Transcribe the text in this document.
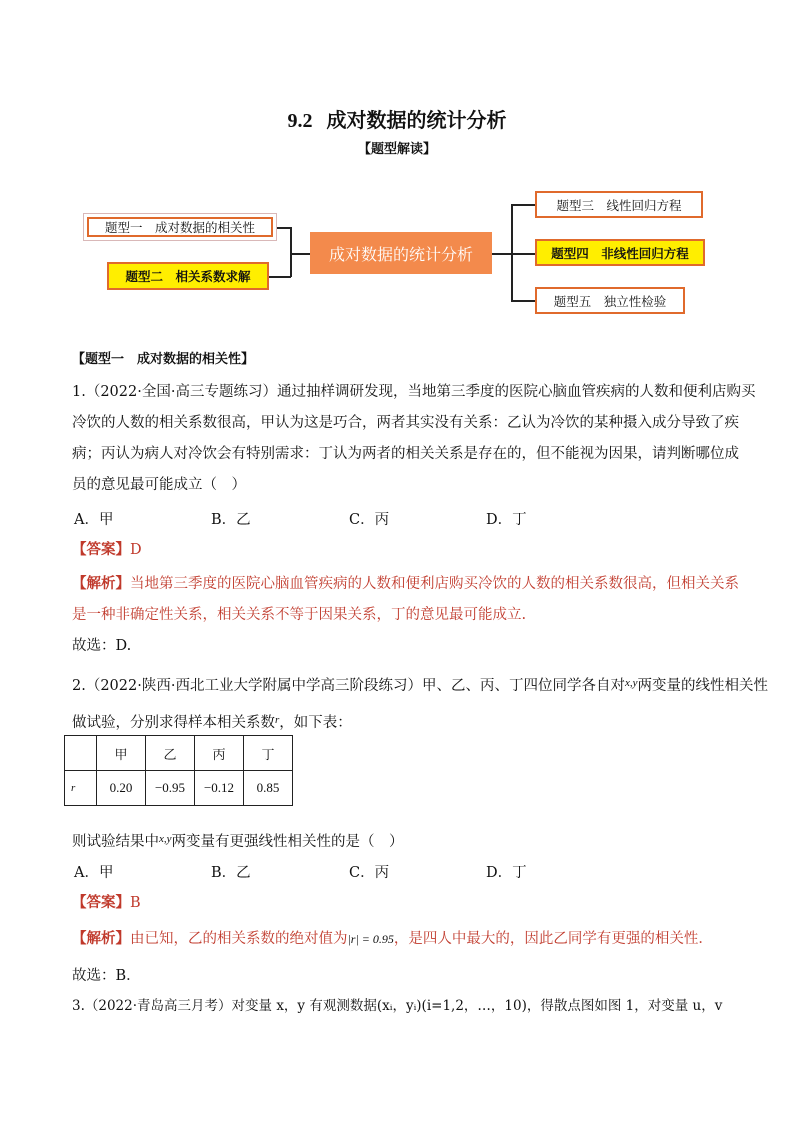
9.2 成对数据的统计分析
【题型解读】
题型一　成对数据的相关性
题型二　相关系数求解
成对数据的统计分析
题型三　线性回归方程
题型四　非线性回归方程
题型五　独立性检验
【题型一　成对数据的相关性】
1.（2022·全国·高三专题练习）通过抽样调研发现，当地第三季度的医院心脑血管疾病的人数和便利店购买
冷饮的人数的相关系数很高，甲认为这是巧合，两者其实没有关系：乙认为冷饮的某种摄入成分导致了疾
病；丙认为病人对冷饮会有特别需求：丁认为两者的相关关系是存在的，但不能视为因果，请判断哪位成
员的意见最可能成立（　）
A．甲	B．乙	C．丙	D．丁
【答案】D
【解析】当地第三季度的医院心脑血管疾病的人数和便利店购买冷饮的人数的相关系数很高，但相关关系
是一种非确定性关系，相关关系不等于因果关系，丁的意见最可能成立.
故选：D.
2.（2022·陕西·西北工业大学附属中学高三阶段练习）甲、乙、丙、丁四位同学各自对$^{x,y}$两变量的线性相关性
做试验，分别求得样本相关系数$^r$，如下表：
	甲	乙	丙	丁
r	0.20	−0.95	−0.12	0.85
则试验结果中$^{x,y}$两变量有更强线性相关性的是（　）
A．甲	B．乙	C．丙	D．丁
【答案】B
【解析】由已知，乙的相关系数的绝对值为|r| = 0.95，是四人中最大的，因此乙同学有更强的相关性．
故选：B．
3.（2022·青岛高三月考）对变量 x，y 有观测数据(xᵢ，yᵢ)(i=1,2，…，10)，得散点图如图 1，对变量 u，v
